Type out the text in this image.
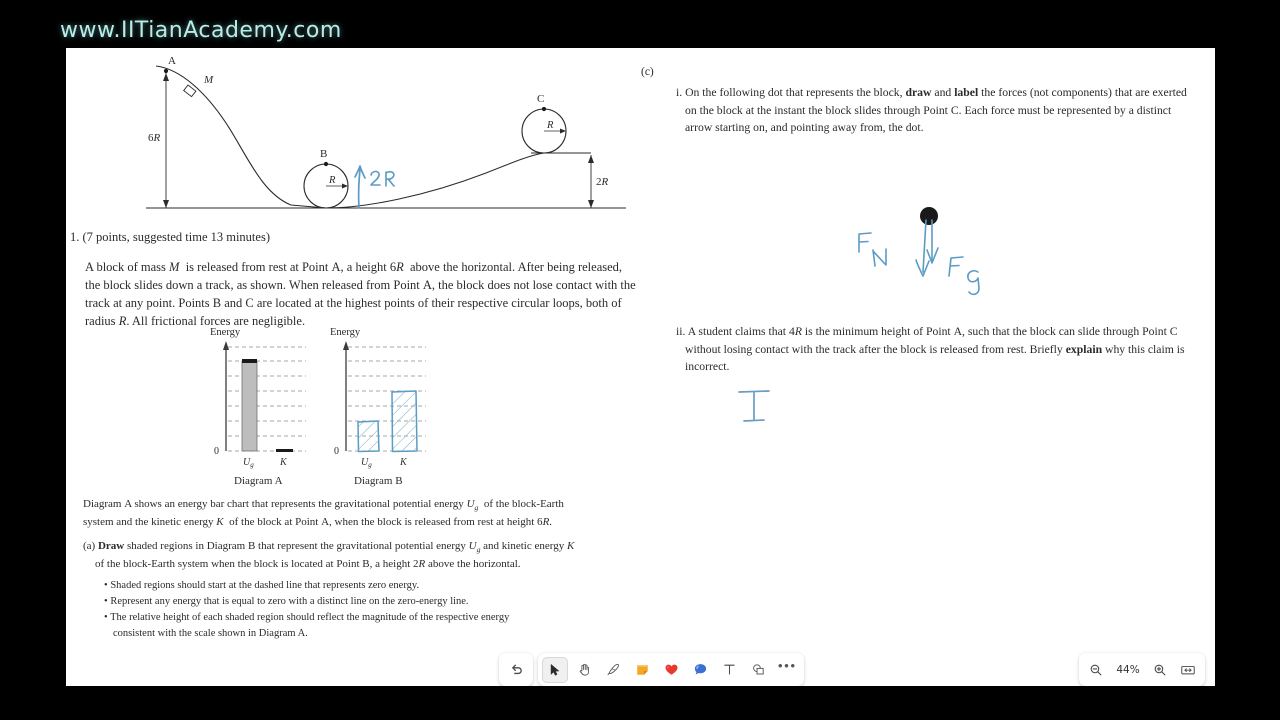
www.IITianAcademy.com
A
M
6R
B
R
C
R
2R
1. (7 points, suggested time 13 minutes)
A block of mass M  is released from rest at Point A, a height 6R  above the horizontal. After being released, the block slides down a track, as shown. When released from Point A, the block does not lose contact with the track at any point. Points B and C are located at the highest points of their respective circular loops, both of radius R. All frictional forces are negligible.
Energy
0
$U_g$	K
Diagram A
Energy
0
$U_g$	K
Diagram B
Diagram A shows an energy bar chart that represents the gravitational potential energy $U_g$  of the block-Earth system and the kinetic energy K  of the block at Point A, when the block is released from rest at height 6R.
(a) Draw shaded regions in Diagram B that represent the gravitational potential energy $U_g$ and kinetic energy K
of the block-Earth system when the block is located at Point B, a height 2R above the horizontal.
• Shaded regions should start at the dashed line that represents zero energy.
• Represent any energy that is equal to zero with a distinct line on the zero-energy line.
• The relative height of each shaded region should reflect the magnitude of the respective energy
consistent with the scale shown in Diagram A.
(c)
i. On the following dot that represents the block, draw and label the forces (not components) that are exerted on the block at the instant the block slides through Point C. Each force must be represented by a distinct arrow starting on, and pointing away from, the dot.
ii. A student claims that 4R is the minimum height of Point A, such that the block can slide through Point C without losing contact with the track after the block is released from rest. Briefly explain why this claim is incorrect.
•••	44%
